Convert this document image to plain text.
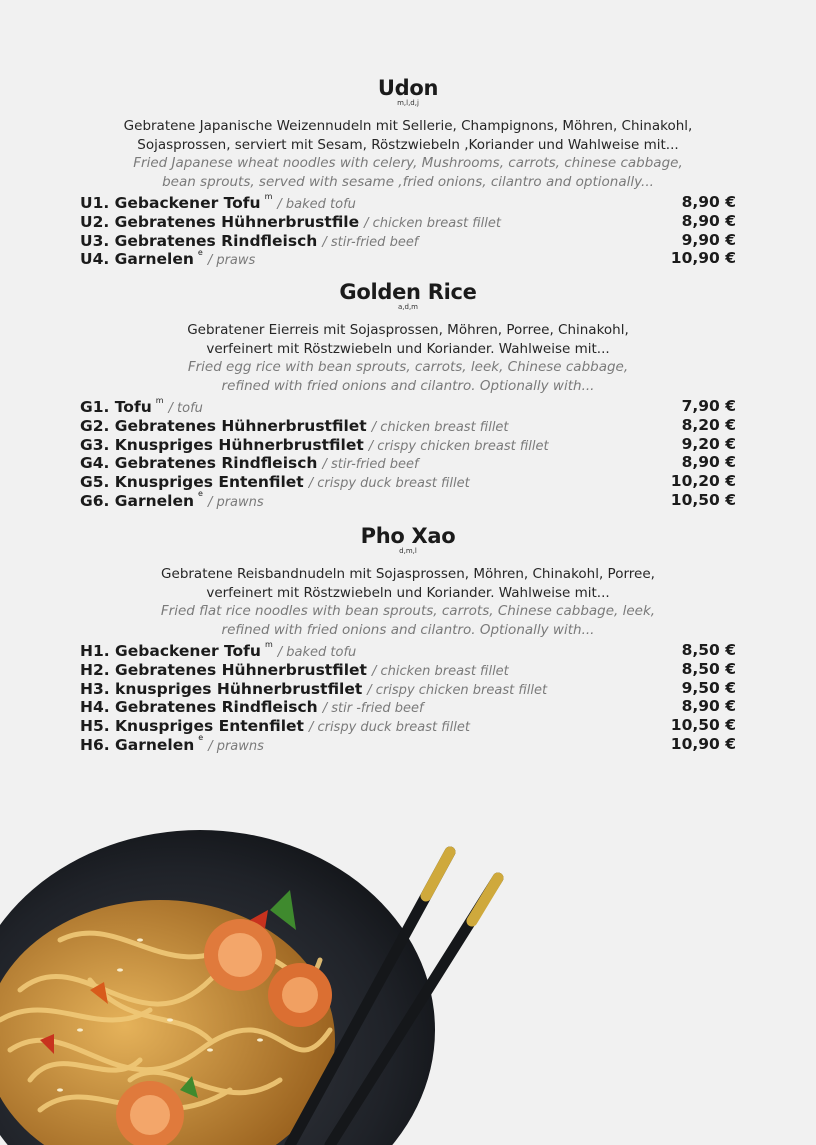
Udon
m,l,d,j
Gebratene Japanische Weizennudeln mit Sellerie, Champignons, Möhren, Chinakohl,
Sojasprossen, serviert mit Sesam, Röstzwiebeln ,Koriander und Wahlweise mit...
Fried Japanese wheat noodles with celery, Mushrooms, carrots, chinese cabbage,
bean sprouts, served with sesame ,fried onions, cilantro and optionally...
U1. Gebackener Tofu $^m$/ baked tofu	8,90 €
U2. Gebratenes Hühnerbrustfile / chicken breast fillet	8,90 €
U3. Gebratenes Rindfleisch / stir-fried beef	9,90 €
U4. Garnelen $^e$/ praws	10,90 €
Golden Rice
a,d,m
Gebratener Eierreis mit Sojasprossen, Möhren, Porree, Chinakohl,
verfeinert mit Röstzwiebeln und Koriander. Wahlweise mit...
Fried egg rice with bean sprouts, carrots, leek, Chinese cabbage,
refined with fried onions and cilantro. Optionally with...
G1. Tofu $^m$/ tofu	7,90 €
G2. Gebratenes Hühnerbrustfilet / chicken breast fillet	8,20 €
G3. Knuspriges Hühnerbrustfilet / crispy chicken breast fillet	9,20 €
G4. Gebratenes Rindfleisch / stir-fried beef	8,90 €
G5. Knuspriges Entenfilet / crispy duck breast fillet	10,20 €
G6. Garnelen $^e$/ prawns	10,50 €
Pho Xao
d,m,l
Gebratene Reisbandnudeln mit Sojasprossen, Möhren, Chinakohl, Porree,
verfeinert mit Röstzwiebeln und Koriander. Wahlweise mit...
Fried flat rice noodles with bean sprouts, carrots, Chinese cabbage, leek,
refined with fried onions and cilantro. Optionally with...
H1. Gebackener Tofu $^m$/ baked tofu	8,50 €
H2. Gebratenes Hühnerbrustfilet / chicken breast fillet	8,50 €
H3. knuspriges Hühnerbrustfilet / crispy chicken breast fillet	9,50 €
H4. Gebratenes Rindfleisch / stir -fried beef	8,90 €
H5. Knuspriges Entenfilet / crispy duck breast fillet	10,50 €
H6. Garnelen $^e$/ prawns	10,90 €
